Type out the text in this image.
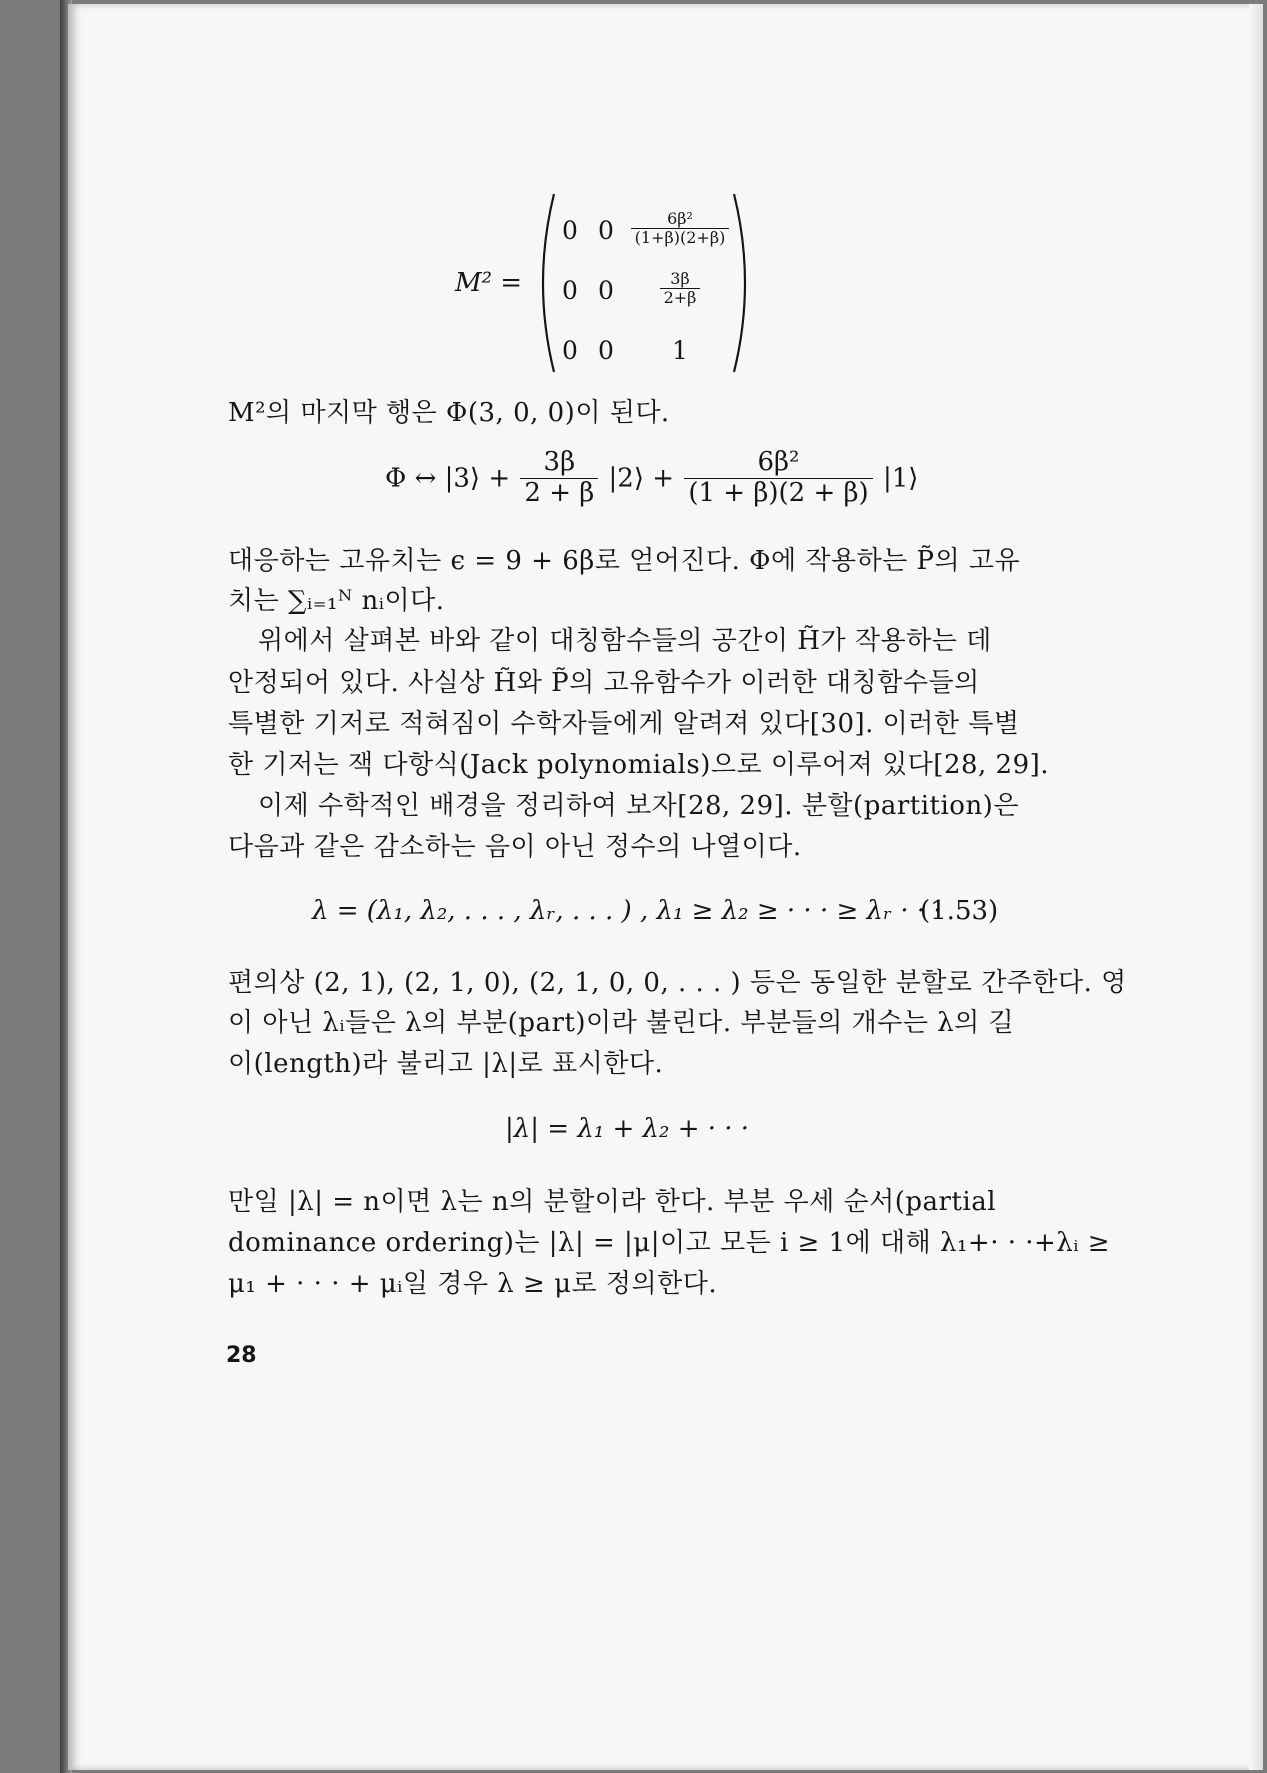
M² =
0 $0 \frac{\text{6β²}}{(1+\beta)(2+\beta)}$
0 0	$\frac{3\beta}{2+\beta}$
0 0 1
M²의 마지막 행은 Φ(3, 0, 0)이 된다.
Φ ↔ |3⟩ + $\frac{3\beta}{2 + \beta}$ |2⟩ + $\frac{\text{6β²}}{(1 + \beta)(2 + \beta)}$ |1⟩
대응하는 고유치는 ϵ = 9 + 6β로 얻어진다. Φ에 작용하는 P̃의 고유
치는 ∑ᵢ₌₁ᴺ nᵢ이다.
위에서 살펴본 바와 같이 대칭함수들의 공간이 H̃가 작용하는 데
안정되어 있다. 사실상 H̃와 P̃의 고유함수가 이러한 대칭함수들의
특별한 기저로 적혀짐이 수학자들에게 알려져 있다[30]. 이러한 특별
한 기저는 잭 다항식(Jack polynomials)으로 이루어져 있다[28, 29].
이제 수학적인 배경을 정리하여 보자[28, 29]. 분할(partition)은
다음과 같은 감소하는 음이 아닌 정수의 나열이다.
λ = (λ₁, λ₂, . . . , λᵣ, . . . ) , λ₁ ≥ λ₂ ≥ · · · ≥ λᵣ · · ·
(1.53)
편의상 (2, 1), (2, 1, 0), (2, 1, 0, 0, . . . ) 등은 동일한 분할로 간주한다. 영
이 아닌 λᵢ들은 λ의 부분(part)이라 불린다. 부분들의 개수는 λ의 길
이(length)라 불리고 |λ|로 표시한다.
|λ| = λ₁ + λ₂ + · · ·
만일 |λ| = n이면 λ는 n의 분할이라 한다. 부분 우세 순서(partial
dominance ordering)는 |λ| = |μ|이고 모든 i ≥ 1에 대해 λ₁+· · ·+λᵢ ≥
μ₁ + · · · + μᵢ일 경우 λ ≥ μ로 정의한다.
28
